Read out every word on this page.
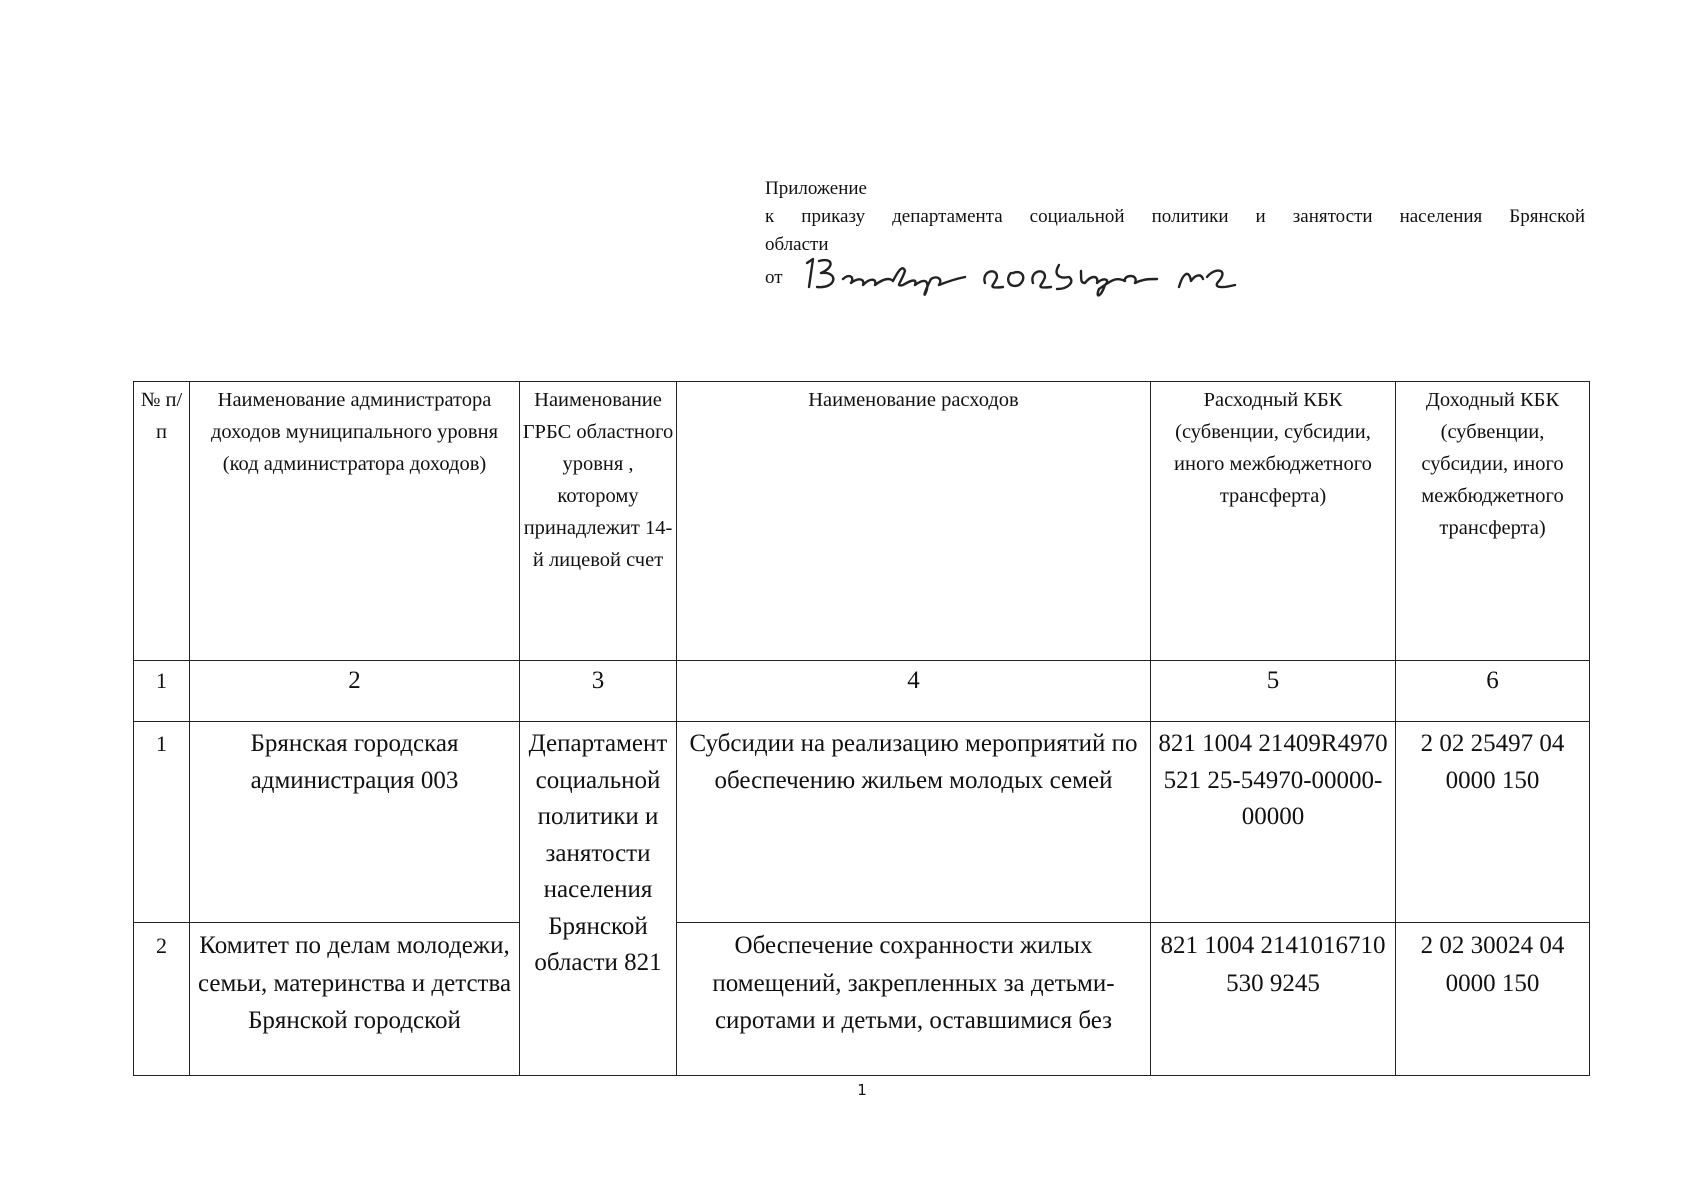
Приложение
к приказу департамента социальной политики и занятости населения Брянской
области
от
№ п/п	Наименование администратора доходов муниципального уровня (код администратора доходов)	Наименование ГРБС областного уровня , которому принадлежит 14-й лицевой счет	Наименование расходов	Расходный КБК (субвенции, субсидии, иного межбюджетного трансферта)	Доходный КБК (субвенции, субсидии, иного межбюджетного трансферта)
1	2	3	4	5	6
1	Брянская городская администрация 003	Департамент социальной политики и занятости населения Брянской области 821	Субсидии на реализацию мероприятий по обеспечению жильем молодых семей	821 1004 21409R4970 521 25-54970-00000-00000	2 02 25497 04 0000 150
2	Комитет по делам молодежи, семьи, материнства и детства Брянской городской		Обеспечение сохранности жилых помещений, закрепленных за детьми-сиротами и детьми, оставшимися без	821 1004 2141016710 530 9245	2 02 30024 04 0000 150
1
